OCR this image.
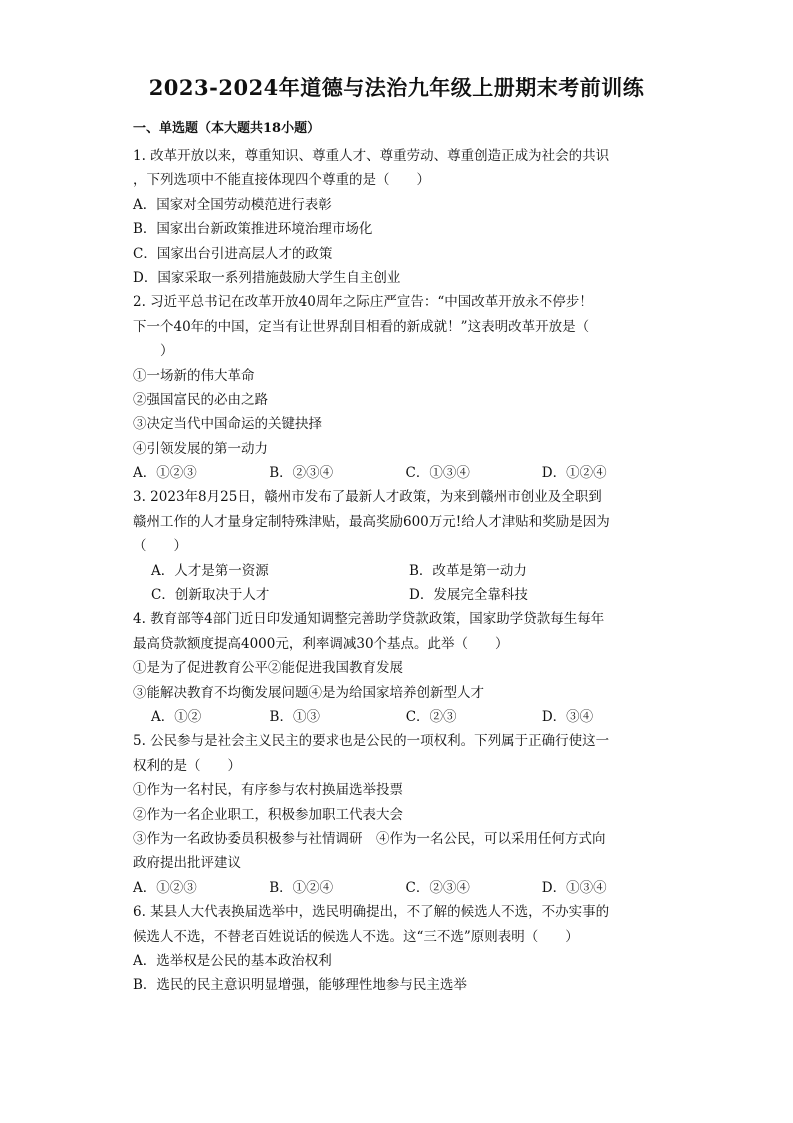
2023-2024年道德与法治九年级上册期末考前训练
一、单选题（本大题共18小题）
1. 改革开放以来，尊重知识、尊重人才、尊重劳动、尊重创造正成为社会的共识
，下列选项中不能直接体现四个尊重的是（　　）
A．国家对全国劳动模范进行表彰
B．国家出台新政策推进环境治理市场化
C．国家出台引进高层人才的政策
D．国家采取一系列措施鼓励大学生自主创业
2. 习近平总书记在改革开放40周年之际庄严宣告：“中国改革开放永不停步！
下一个40年的中国，定当有让世界刮目相看的新成就！”这表明改革开放是（
　　）
①一场新的伟大革命
②强国富民的必由之路
③决定当代中国命运的关键抉择
④引领发展的第一动力
A．①②③	B．②③④	C．①③④	D．①②④
3. 2023年8月25日，赣州市发布了最新人才政策，为来到赣州市创业及全职到
赣州工作的人才量身定制特殊津贴，最高奖励600万元!给人才津贴和奖励是因为
（　　）
A．人才是第一资源	B．改革是第一动力
C．创新取决于人才	D．发展完全靠科技
4. 教育部等4部门近日印发通知调整完善助学贷款政策，国家助学贷款每生每年
最高贷款额度提高4000元，利率调减30个基点。此举（　　）
①是为了促进教育公平②能促进我国教育发展
③能解决教育不均衡发展问题④是为给国家培养创新型人才
A．①②	B．①③	C．②③	D．③④
5. 公民参与是社会主义民主的要求也是公民的一项权利。下列属于正确行使这一
权利的是（　　）
①作为一名村民，有序参与农村换届选举投票
②作为一名企业职工，积极参加职工代表大会
③作为一名政协委员积极参与社情调研　④作为一名公民，可以采用任何方式向
政府提出批评建议
A．①②③	B．①②④	C．②③④	D．①③④
6. 某县人大代表换届选举中，选民明确提出，不了解的候选人不选，不办实事的
候选人不选，不替老百姓说话的候选人不选。这“三不选”原则表明（　　）
A．选举权是公民的基本政治权利
B．选民的民主意识明显增强，能够理性地参与民主选举
